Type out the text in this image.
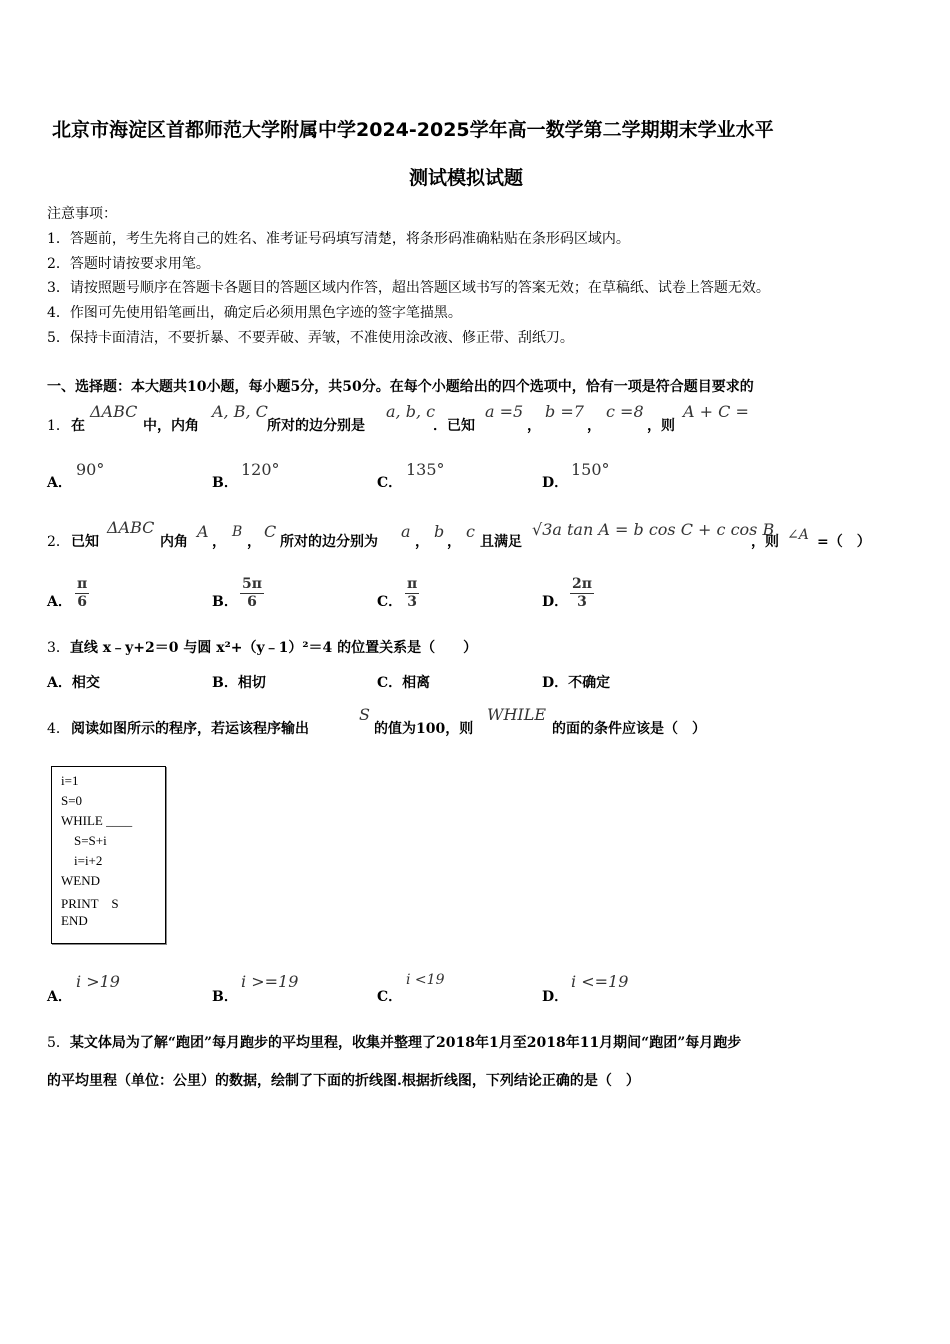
北京市海淀区首都师范大学附属中学2024-2025学年高一数学第二学期期末学业水平
测试模拟试题
注意事项：
1．答题前，考生先将自己的姓名、准考证号码填写清楚，将条形码准确粘贴在条形码区域内。
2．答题时请按要求用笔。
3．请按照题号顺序在答题卡各题目的答题区域内作答，超出答题区域书写的答案无效；在草稿纸、试卷上答题无效。
4．作图可先使用铅笔画出，确定后必须用黑色字迹的签字笔描黑。
5．保持卡面清洁，不要折暴、不要弄破、弄皱，不准使用涂改液、修正带、刮纸刀。
一、选择题：本大题共10小题，每小题5分，共50分。在每个小题给出的四个选项中，恰有一项是符合题目要求的
1． 在
ΔABC
中，内角
A, B, C
所对的边分别是
a, b, c
．已知
a =5
，
b =7
，
c =8
，则
A + C =
A．
90°
B．
120°
C．
135°
D．
150°
2． 已知
ΔABC
内角
A
，
B
，
C
所对的边分别为
a
，
b
，
c
且满足
√3a tan A = b cos C + c cos B
，则 ∠A =（　）
A． $\frac{\pi}{6}$	B． $\frac{5\pi}{6}$	C． $\frac{\pi}{3}$	D． $\frac{2\pi}{3}$
3．直线 x﹣y+2＝0 与圆 x²+（y﹣1）²＝4 的位置关系是（　　）
A．相交	B．相切	C．相离	D．不确定
4． 阅读如图所示的程序，若运该程序输出
S
的值为100，则
WHILE
的面的条件应该是（　）
i=1
S=0
WHILE ____
S=S+i
i=i+2
WEND
PRINT　S
END
A．
i >19
B．
i >=19
C．
i <19
D．
i <=19
5．某文体局为了解“跑团”每月跑步的平均里程，收集并整理了2018年1月至2018年11月期间“跑团”每月跑步
的平均里程（单位：公里）的数据，绘制了下面的折线图.根据折线图，下列结论正确的是（　）
